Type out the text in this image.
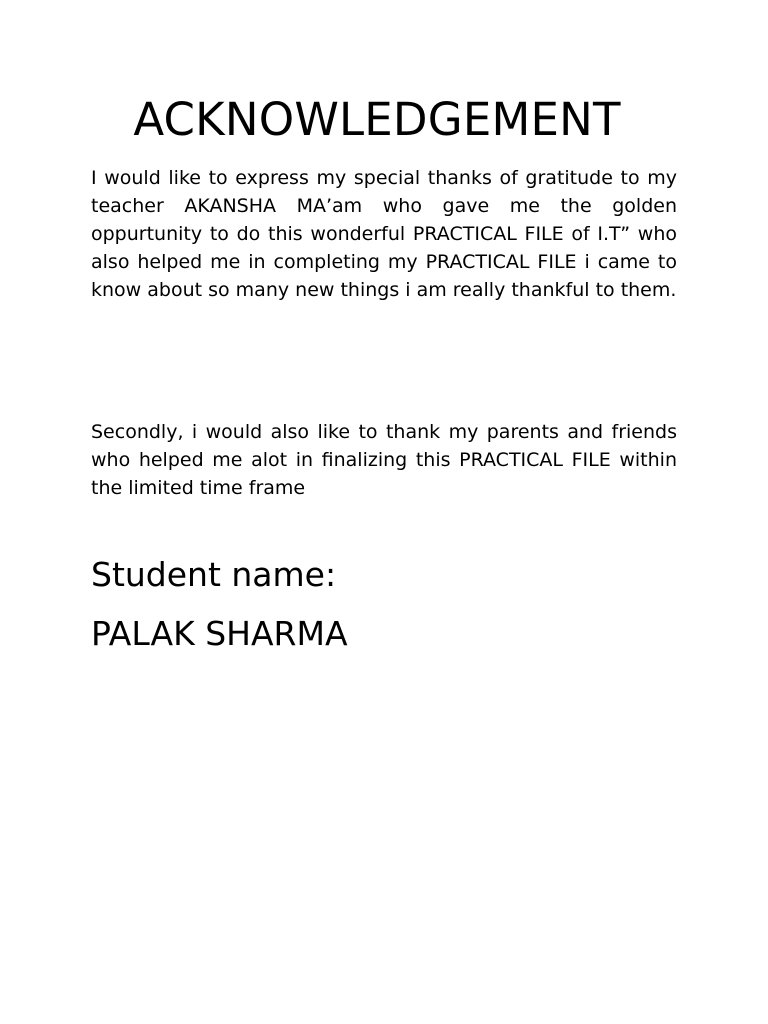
ACKNOWLEDGEMENT

I would like to express my special thanks of gratitude to my teacher AKANSHA MA’am who gave me the golden oppurtunity to do this wonderful PRACTICAL FILE of I.T” who also helped me in completing my PRACTICAL FILE i came to know about so many new things i am really thankful to them.

Secondly, i would also like to thank my parents and friends who helped me alot in finalizing this PRACTICAL FILE within the limited time frame

Student name:
PALAK SHARMA
